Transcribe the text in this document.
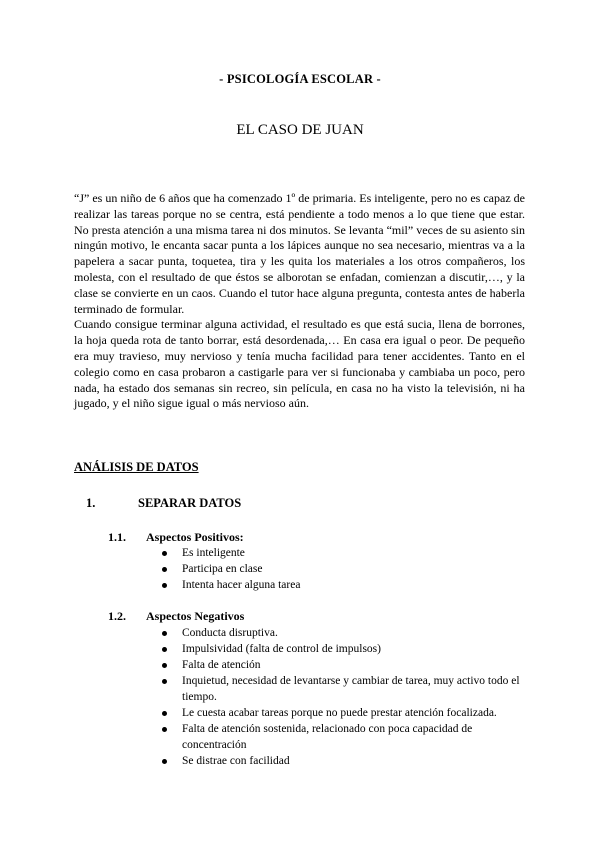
- PSICOLOGÍA ESCOLAR -
EL CASO DE JUAN

“J” es un niño de 6 años que ha comenzado 1º de primaria. Es inteligente, pero no es capaz de realizar las tareas porque no se centra, está pendiente a todo menos a lo que tiene que estar. No presta atención a una misma tarea ni dos minutos. Se levanta “mil” veces de su asiento sin ningún motivo, le encanta sacar punta a los lápices aunque no sea necesario, mientras va a la papelera a sacar punta, toquetea, tira y les quita los materiales a los otros compañeros, los molesta, con el resultado de que éstos se alborotan se enfadan, comienzan a discutir,…, y la clase se convierte en un caos. Cuando el tutor hace alguna pregunta, contesta antes de haberla terminado de formular.

Cuando consigue terminar alguna actividad, el resultado es que está sucia, llena de borrones, la hoja queda rota de tanto borrar, está desordenada,… En casa era igual o peor. De pequeño era muy travieso, muy nervioso y tenía mucha facilidad para tener accidentes. Tanto en el colegio como en casa probaron a castigarle para ver si funcionaba y cambiaba un poco, pero nada, ha estado dos semanas sin recreo, sin película, en casa no ha visto la televisión, ni ha jugado, y el niño sigue igual o más nervioso aún.

ANÁLISIS DE DATOS
1.	SEPARAR DATOS
1.1. Aspectos Positivos:
Es inteligente
Participa en clase
Intenta hacer alguna tarea
1.2. Aspectos Negativos
Conducta disruptiva.
Impulsividad (falta de control de impulsos)
Falta de atención
Inquietud, necesidad de levantarse y cambiar de tarea, muy activo todo el tiempo.
Le cuesta acabar tareas porque no puede prestar atención focalizada.
Falta de atención sostenida, relacionado con poca capacidad de concentración
Se distrae con facilidad
